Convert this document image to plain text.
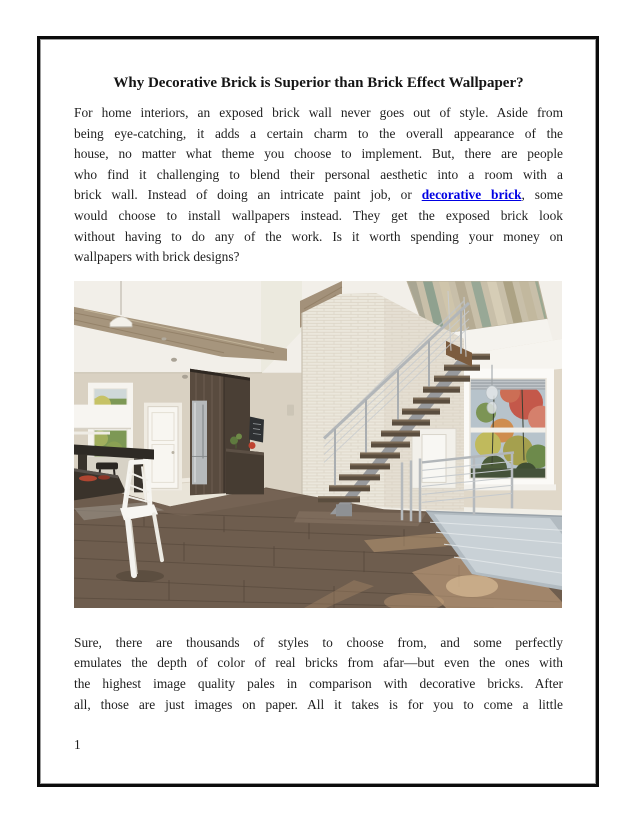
Why Decorative Brick is Superior than Brick Effect Wallpaper?
For home interiors, an exposed brick wall never goes out of style. Aside from
being eye-catching, it adds a certain charm to the overall appearance of the
house, no matter what theme you choose to implement. But, there are people
who find it challenging to blend their personal aesthetic into a room with a
brick wall. Instead of doing an intricate paint job, or decorative brick, some
would choose to install wallpapers instead. They get the exposed brick look
without having to do any of the work. Is it worth spending your money on
wallpapers with brick designs?
Sure, there are thousands of styles to choose from, and some perfectly
emulates the depth of color of real bricks from afar—but even the ones with
the highest image quality pales in comparison with decorative bricks. After
all, those are just images on paper. All it takes is for you to come a little
1
